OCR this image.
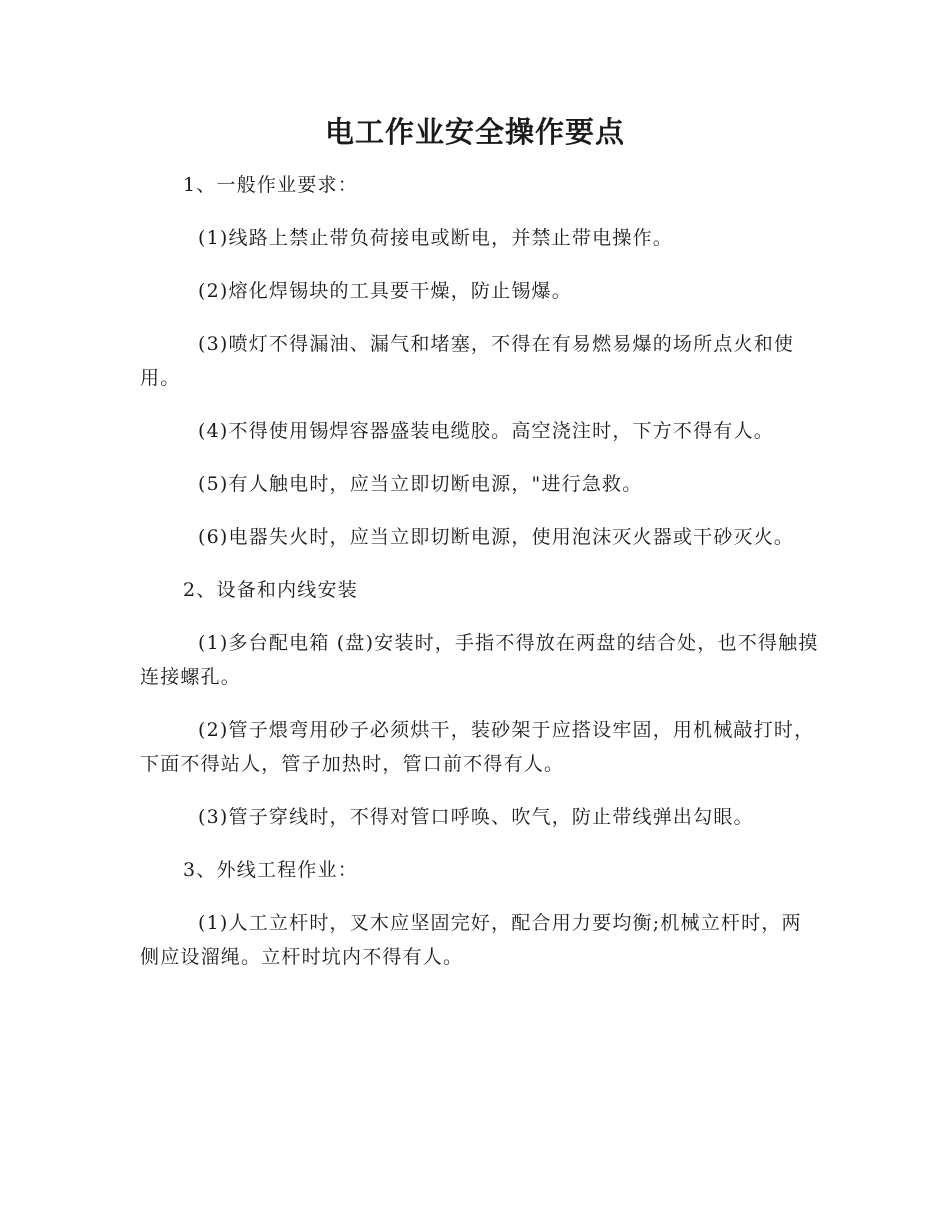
电工作业安全操作要点

1、一般作业要求：

(1)线路上禁止带负荷接电或断电，并禁止带电操作。

(2)熔化焊锡块的工具要干燥，防止锡爆。

(3)喷灯不得漏油、漏气和堵塞，不得在有易燃易爆的场所点火和使用。

(4)不得使用锡焊容器盛装电缆胶。高空浇注时，下方不得有人。

(5)有人触电时，应当立即切断电源，"进行急救。

(6)电器失火时，应当立即切断电源，使用泡沫灭火器或干砂灭火。

2、设备和内线安装

(1)多台配电箱 (盘)安装时，手指不得放在两盘的结合处，也不得触摸连接螺孔。

(2)管子煨弯用砂子必须烘干，装砂架于应搭设牢固，用机械敲打时，下面不得站人，管子加热时，管口前不得有人。

(3)管子穿线时，不得对管口呼唤、吹气，防止带线弹出勾眼。

3、外线工程作业：

(1)人工立杆时，叉木应坚固完好，配合用力要均衡;机械立杆时，两侧应设溜绳。立杆时坑内不得有人。
